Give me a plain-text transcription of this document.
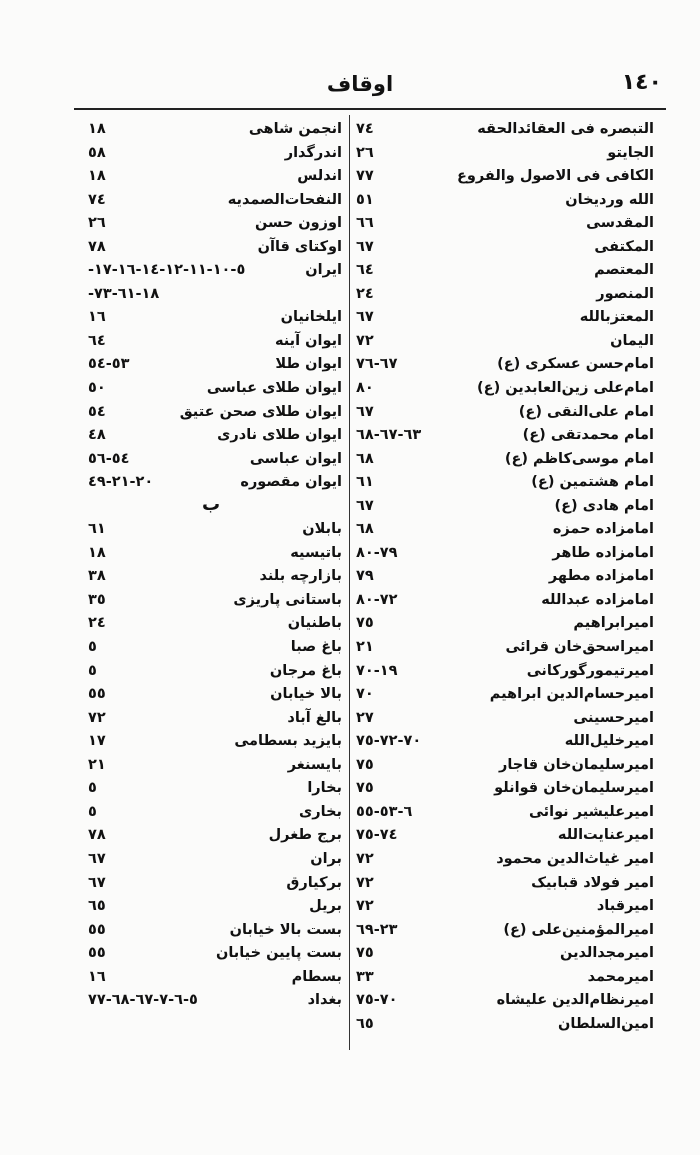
١٤٠
اوقاف
التبصره فى العقائدالحقه
٧٤
الجايتو
٢٦
الكافى فى الاصول والفروع
٧٧
الله وردیخان
٥١
المقدسی
٦٦
المکتفی
٦٧
المعتصم
٦٤
المنصور
٢٤
المعتزبالله
٦٧
الیمان
٧٢
امام‌حسن عسکری (ع)
٦٧-٧٦
امام‌علی زین‌العابدین (ع)
٨٠
امام علی‌النقی (ع)
٦٧
امام محمدتقی (ع)
٦٣-٦٧-٦٨
امام موسی‌کاظم (ع)
٦٨
امام هشتمین (ع)
٦١
امام هادی (ع)
٦٧
امامزاده حمزه
٦٨
امامزاده طاهر
٧٩-٨٠
امامزاده مطهر
٧٩
امامزاده عبدالله
٧٢-٨٠
امیرابراهیم
٧٥
امیراسحق‌خان قرائی
٢١
امیرتیمورگورکانی
١٩-٧٠
امیرحسام‌الدین ابراهیم
٧٠
امیرحسینی
٢٧
امیرخلیل‌الله
٧٠-٧٢-٧٥
امیرسلیمان‌خان قاجار
٧٥
امیرسلیمان‌خان قوانلو
٧٥
امیرعلیشیر نوائی
٦-٥٣-٥٥
امیرعنایت‌الله
٧٤-٧٥
امیر غیاث‌الدین محمود
٧٢
امیر فولاد قبابیک
٧٢
امیرقباد
٧٢
امیرالمؤمنین‌علی (ع)
٢٣-٦٩
امیرمجدالدین
٧٥
امیرمحمد
٣٣
امیرنظام‌الدین علیشاه
٧٠-٧٥
امین‌السلطان
٦٥
انجمن شاهی
١٨
اندرگدار
٥٨
اندلس
١٨
النفحات‌الصمدیه
٧٤
اوزون حسن
٢٦
اوکتای قاآن
٧٨
ایران
-٥-١٠-١١-١٢-١٤-١٦-١٧
-١٨-٦١-٧٣
ایلخانیان
١٦
ایوان آینه
٦٤
ایوان طلا
٥٣-٥٤
ایوان طلای عباسی
٥٠
ایوان طلای صحن عتیق
٥٤
ایوان طلای نادری
٤٨
ایوان عباسی
٥٤-٥٦
ایوان مقصوره
٢٠-٢١-٤٩
ب
بابلان
٦١
باتیسیه
١٨
بازارچه بلند
٣٨
باستانی پاریزی
٣٥
باطنیان
٢٤
باغ صبا
٥
باغ مرجان
٥
بالا خیابان
٥٥
بالغ آباد
٧٢
بایزید بسطامی
١٧
بایسنغر
٢١
بخارا
٥
بخاری
٥
برج طغرل
٧٨
بران
٦٧
برکیارق
٦٧
بریل
٦٥
بست بالا خیابان
٥٥
بست پایین خیابان
٥٥
بسطام
١٦
بغداد
٥-٦-٧-٦٧-٦٨-٧٧
